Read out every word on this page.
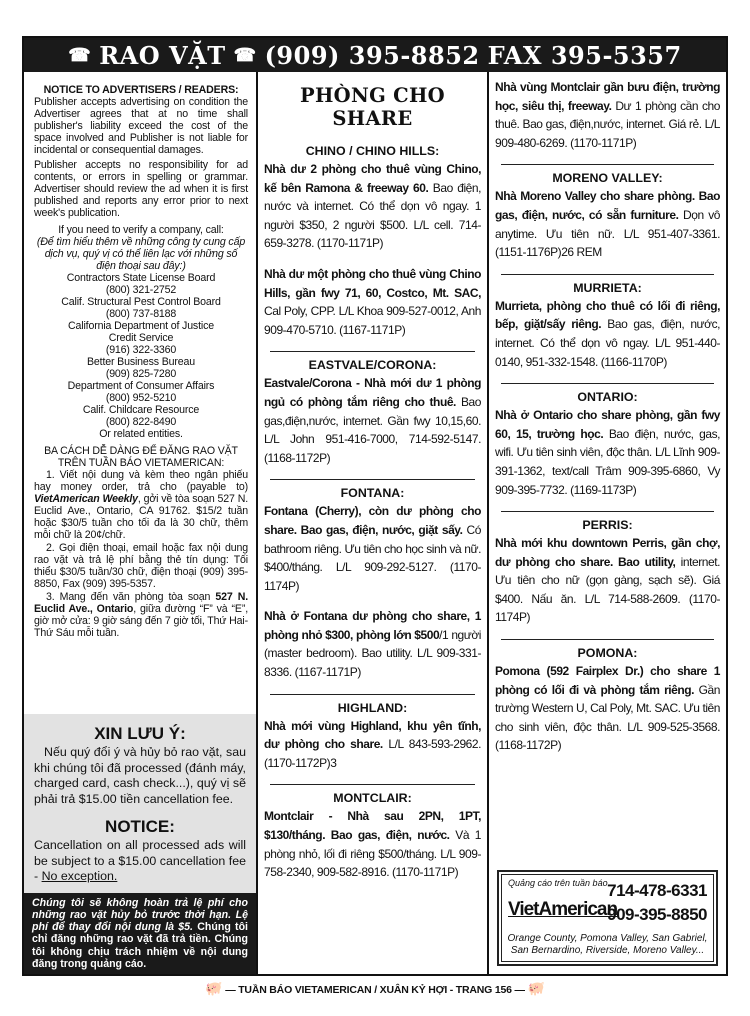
☎ RAO VẶT ☎ (909) 395-8852 FAX 395-5357
NOTICE TO ADVERTISERS / READERS:

Publisher accepts advertising on condition the Advertiser agrees that at no time shall publisher's liability exceed the cost of the space involved and Publisher is not liable for incidental or consequential damages.

Publisher accepts no responsibility for ad contents, or errors in spelling or grammar. Advertiser should review the ad when it is first published and reports any error prior to next week's publication.

If you need to verify a company, call:
(Để tìm hiểu thêm về những công ty cung cấp dịch vụ, quý vị có thể liên lạc với những số điện thoại sau đây:)
Contractors State License Board
(800) 321-2752
Calif. Structural Pest Control Board
(800) 737-8188
California Department of Justice
Credit Service
(916) 322-3360
Better Business Bureau
(909) 825-7280
Department of Consumer Affairs
(800) 952-5210
Calif. Childcare Resource
(800) 822-8490
Or related entities.
BA CÁCH DỄ DÀNG ĐỂ ĐĂNG RAO VẶT TRÊN TUẦN BÁO VIETAMERICAN:

1. Viết nội dung và kèm theo ngân phiếu hay money order, trả cho (payable to) VietAmerican Weekly, gởi về tòa soạn 527 N. Euclid Ave., Ontario, CA 91762. $15/2 tuần hoặc $30/5 tuần cho tối đa là 30 chữ, thêm mỗi chữ là 20¢/chữ.

2. Gọi điện thoại, email hoặc fax nội dung rao vặt và trả lệ phí bằng thẻ tín dụng: Tối thiểu $30/5 tuần/30 chữ, điện thoại (909) 395-8850, Fax (909) 395-5357.

3. Mang đến văn phòng tòa soạn 527 N. Euclid Ave., Ontario, giữa đường “F” và “E”, giờ mở cửa: 9 giờ sáng đến 7 giờ tối, Thứ Hai-Thứ Sáu mỗi tuần.

XIN LƯU Ý:

Nếu quý đổi ý và hủy bỏ rao vặt, sau khi chúng tôi đã processed (đánh máy, charged card, cash check...), quý vị sẽ phải trả $15.00 tiền cancellation fee.

NOTICE:

Cancellation on all processed ads will be subject to a $15.00 cancellation fee - No exception.

Chúng tôi sẽ không hoàn trả lệ phí cho những rao vặt hủy bỏ trước thời hạn. Lệ phí để thay đổi nội dung là $5. Chúng tôi chỉ đăng những rao vặt đã trả tiền. Chúng tôi không chịu trách nhiệm về nội dung đăng trong quảng cáo.
PHÒNG CHO SHARE
CHINO / CHINO HILLS:

Nhà dư 2 phòng cho thuê vùng Chino, kế bên Ramona & freeway 60. Bao điện, nước và internet. Có thể dọn vô ngay. 1 người $350, 2 người $500. L/L cell. 714-659-3278. (1170-1171P)

Nhà dư một phòng cho thuê vùng Chino Hills, gần fwy 71, 60, Costco, Mt. SAC, Cal Poly, CPP. L/L Khoa 909-527-0012, Anh 909-470-5710. (1167-1171P)

EASTVALE/CORONA:

Eastvale/Corona - Nhà mới dư 1 phòng ngủ có phòng tắm riêng cho thuê. Bao gas,điện,nước, internet. Gần fwy 10,15,60. L/L John 951-416-7000, 714-592-5147. (1168-1172P)

FONTANA:

Fontana (Cherry), còn dư phòng cho share. Bao gas, điện, nước, giặt sấy. Có bathroom riêng. Ưu tiên cho học sinh và nữ. $400/tháng. L/L 909-292-5127. (1170-1174P)

Nhà ở Fontana dư phòng cho share, 1 phòng nhỏ $300, phòng lớn $500/1 người (master bedroom). Bao utility. L/L 909-331-8336. (1167-1171P)

HIGHLAND:

Nhà mới vùng Highland, khu yên tĩnh, dư phòng cho share. L/L 843-593-2962. (1170-1172P)3

MONTCLAIR:

Montclair - Nhà sau 2PN, 1PT, $130/tháng. Bao gas, điện, nước. Và 1 phòng nhỏ, lối đi riêng $500/tháng. L/L 909-758-2340, 909-582-8916. (1170-1171P)

Nhà vùng Montclair gần bưu điện, trường học, siêu thị, freeway. Dư 1 phòng cần cho thuê. Bao gas, điện,nước, internet. Giá rẻ. L/L 909-480-6269. (1170-1171P)

MORENO VALLEY:

Nhà Moreno Valley cho share phòng. Bao gas, điện, nước, có sẵn furniture. Dọn vô anytime. Ưu tiên nữ. L/L 951-407-3361. (1151-1176P)26 REM

MURRIETA:

Murrieta, phòng cho thuê có lối đi riêng, bếp, giặt/sấy riêng. Bao gas, điện, nước, internet. Có thể dọn vô ngay. L/L 951-440-0140, 951-332-1548. (1166-1170P)

ONTARIO:

Nhà ở Ontario cho share phòng, gần fwy 60, 15, trường học. Bao điện, nước, gas, wifi. Ưu tiên sinh viên, độc thân. L/L Lĩnh 909-391-1362, text/call Trâm 909-395-6860, Vy 909-395-7732. (1169-1173P)

PERRIS:

Nhà mới khu downtown Perris, gần chợ, dư phòng cho share. Bao utility, internet. Ưu tiên cho nữ (gọn gàng, sạch sẽ). Giá $400. Nấu ăn. L/L 714-588-2609. (1170-1174P)

POMONA:

Pomona (592 Fairplex Dr.) cho share 1 phòng có lối đi và phòng tắm riêng. Gần trường Western U, Cal Poly, Mt. SAC. Ưu tiên cho sinh viên, độc thân. L/L 909-525-3568. (1168-1172P)

Quảng cáo trên tuần báo
VietAmerican
714-478-6331
909-395-8850
Orange County, Pomona Valley, San Gabriel, San Bernardino, Riverside, Moreno Valley...
🐖 — TUẦN BÁO VIETAMERICAN / XUÂN KỶ HỢI - TRANG 156 — 🐖
